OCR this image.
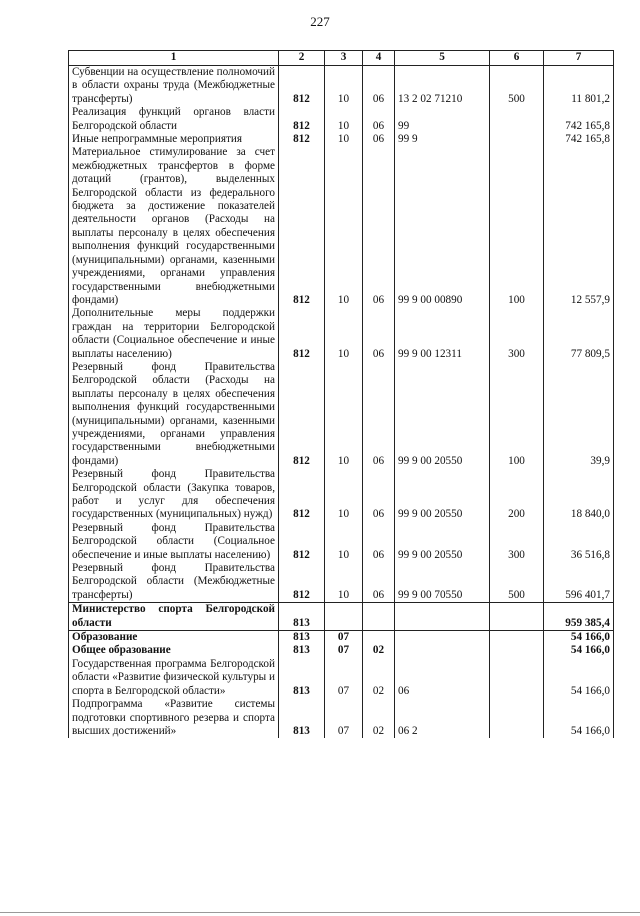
227
1	2	3	4	5	6	7
Субвенции на осуществление полномочий в области охраны труда (Межбюджетные трансферты)	812	10	06	13 2 02 71210	500	11 801,2
Реализация функций органов власти Белгородской области	812	10	06	99		742 165,8
Иные непрограммные мероприятия	812	10	06	99 9		742 165,8
Материальное стимулирование за счет межбюджетных трансфертов в форме дотаций (грантов), выделенных Белгородской области из федерального бюджета за достижение показателей деятельности органов (Расходы на выплаты персоналу в целях обеспечения выполнения функций государственными (муниципальными) органами, казенными учреждениями, органами управления государственными внебюджетными фондами)	812	10	06	99 9 00 00890	100	12 557,9
Дополнительные меры поддержки граждан на территории Белгородской области (Социальное обеспечение и иные выплаты населению)	812	10	06	99 9 00 12311	300	77 809,5
Резервный фонд Правительства Белгородской области (Расходы на выплаты персоналу в целях обеспечения выполнения функций государственными (муниципальными) органами, казенными учреждениями, органами управления государственными внебюджетными фондами)	812	10	06	99 9 00 20550	100	39,9
Резервный фонд Правительства Белгородской области (Закупка товаров, работ и услуг для обеспечения государственных (муниципальных) нужд)	812	10	06	99 9 00 20550	200	18 840,0
Резервный фонд Правительства Белгородской области (Социальное обеспечение и иные выплаты населению)	812	10	06	99 9 00 20550	300	36 516,8
Резервный фонд Правительства Белгородской области (Межбюджетные трансферты)	812	10	06	99 9 00 70550	500	596 401,7
Министерство спорта Белгородской области	813					959 385,4
Образование	813	07				54 166,0
Общее образование	813	07	02			54 166,0
Государственная программа Белгородской области «Развитие физической культуры и спорта в Белгородской области»	813	07	02	06		54 166,0
Подпрограмма «Развитие системы подготовки спортивного резерва и спорта высших достижений»	813	07	02	06 2		54 166,0
